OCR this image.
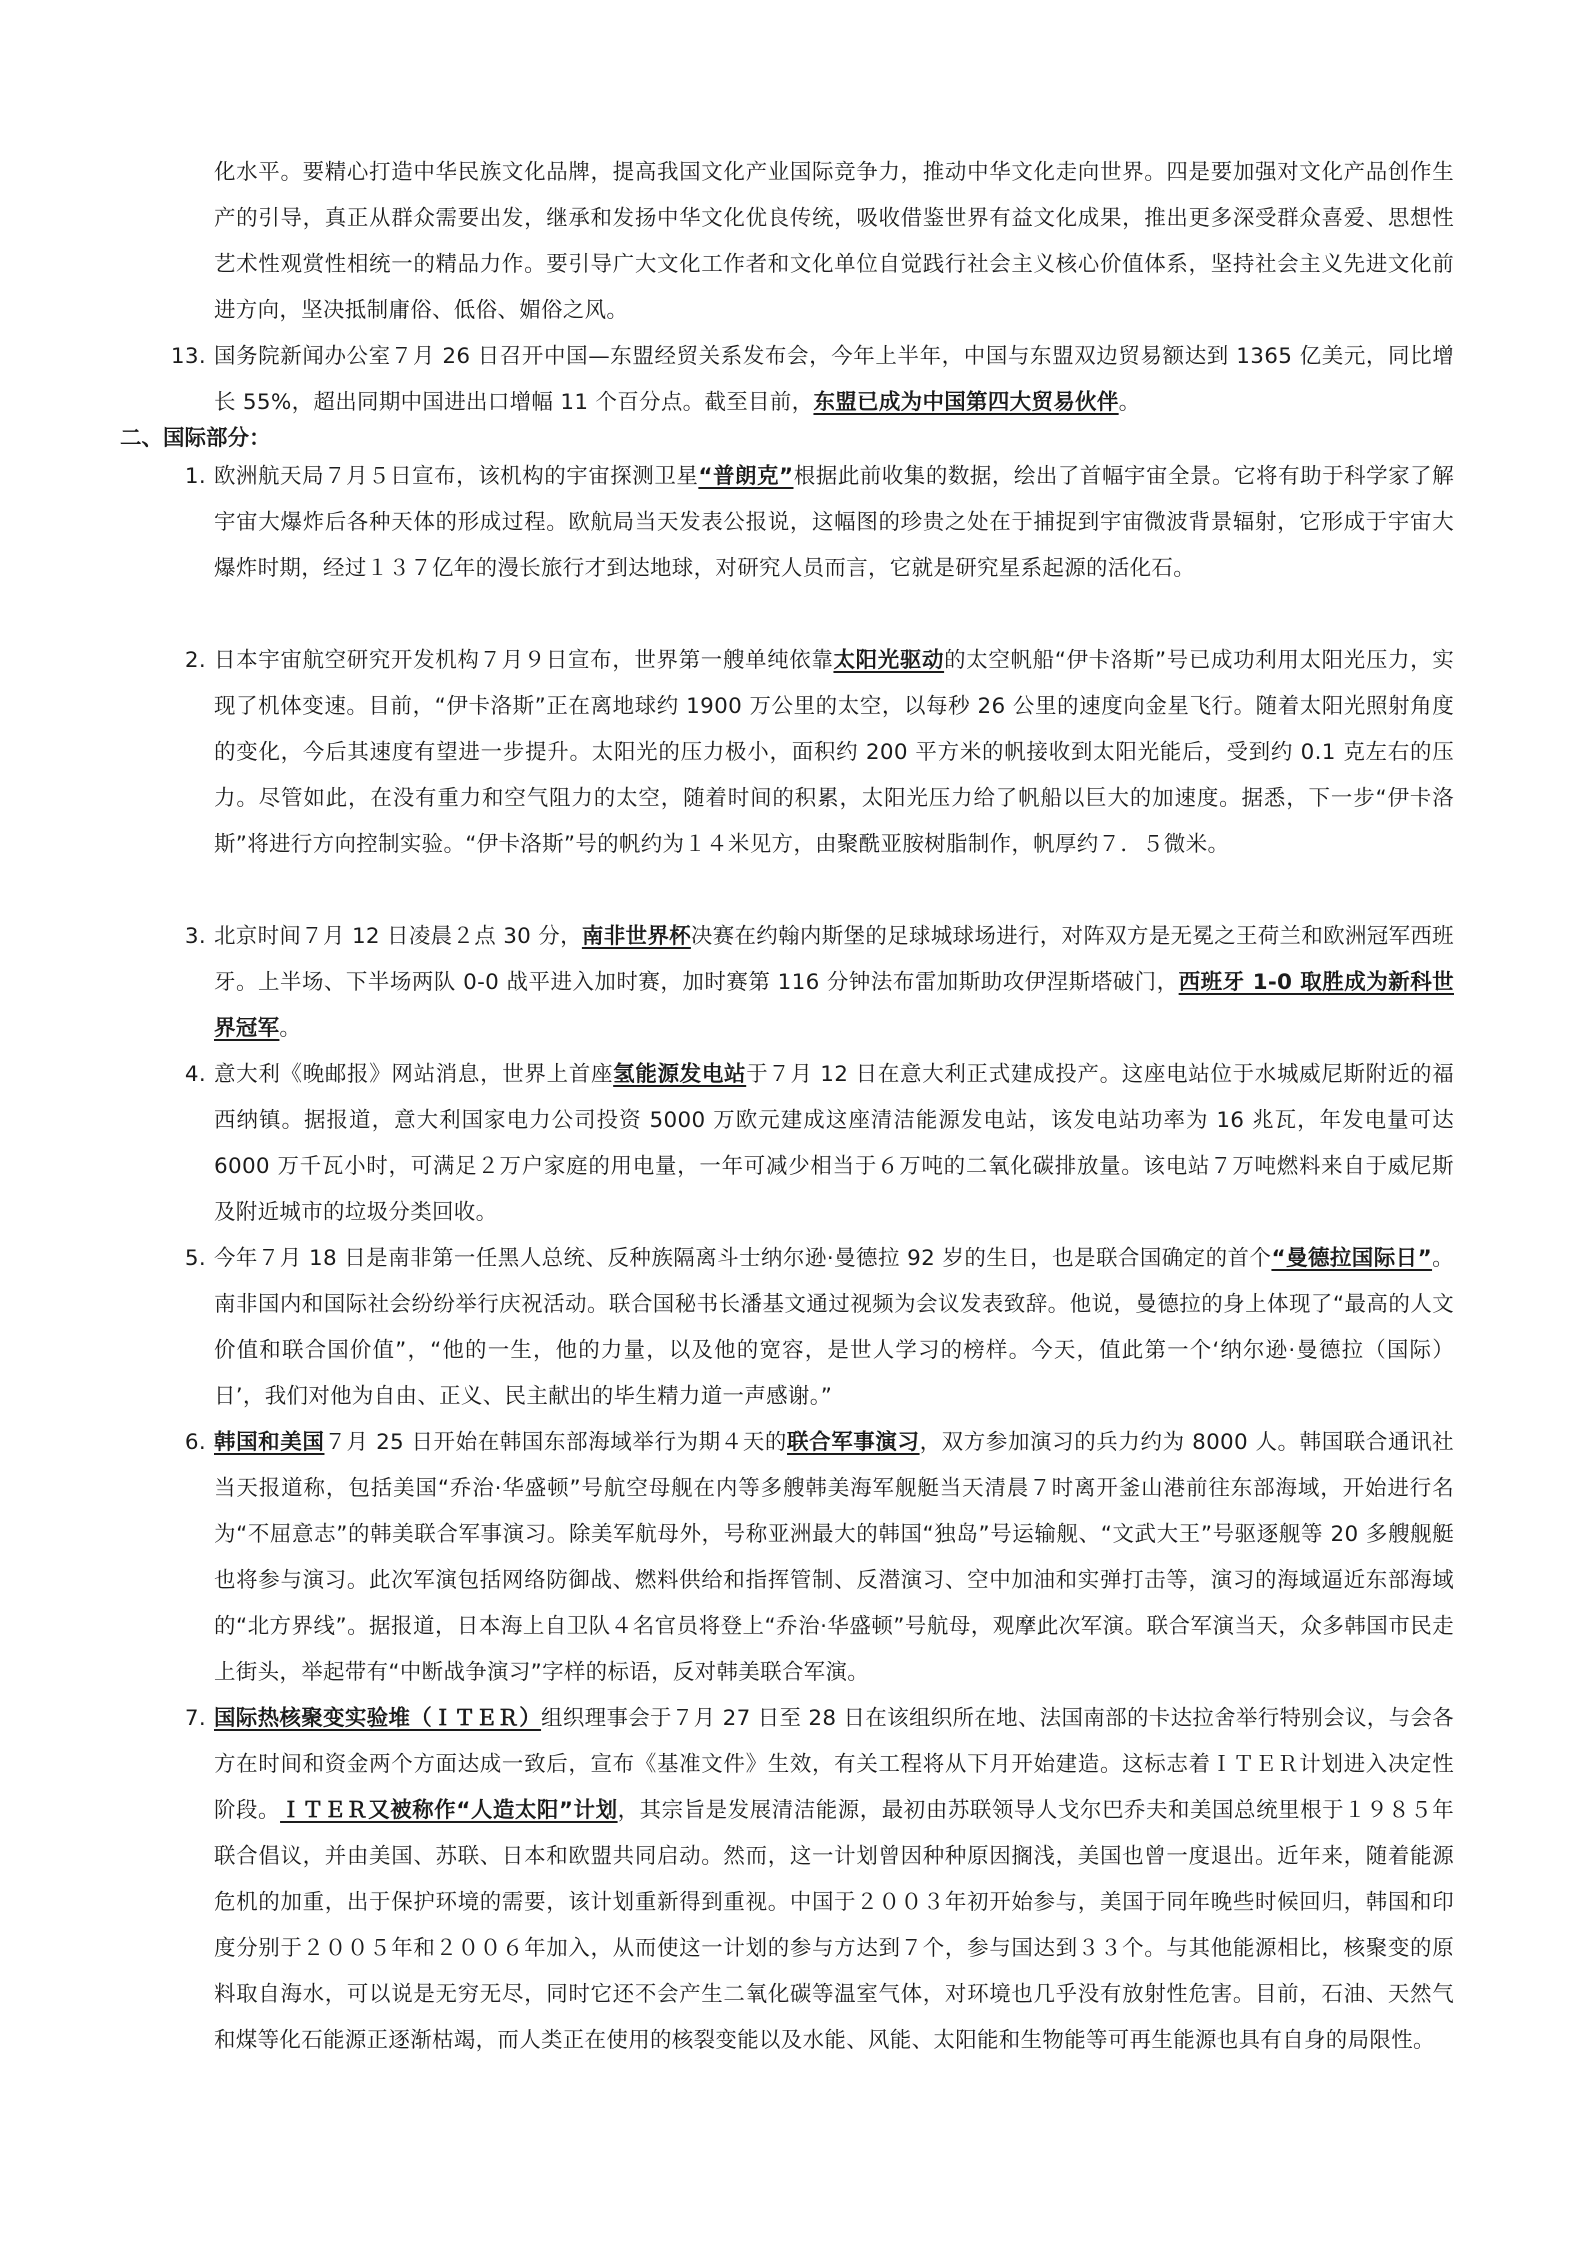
化水平。要精心打造中华民族文化品牌，提高我国文化产业国际竞争力，推动中华文化走向世界。四是要加强对文化产品创作生产的引导，真正从群众需要出发，继承和发扬中华文化优良传统，吸收借鉴世界有益文化成果，推出更多深受群众喜爱、思想性艺术性观赏性相统一的精品力作。要引导广大文化工作者和文化单位自觉践行社会主义核心价值体系，坚持社会主义先进文化前进方向，坚决抵制庸俗、低俗、媚俗之风。
13. 国务院新闻办公室７月 26 日召开中国—东盟经贸关系发布会，今年上半年，中国与东盟双边贸易额达到 1365 亿美元，同比增长 55%，超出同期中国进出口增幅 11 个百分点。截至目前，东盟已成为中国第四大贸易伙伴。
二、国际部分：
1. 欧洲航天局７月５日宣布，该机构的宇宙探测卫星“普朗克”根据此前收集的数据，绘出了首幅宇宙全景。它将有助于科学家了解宇宙大爆炸后各种天体的形成过程。欧航局当天发表公报说，这幅图的珍贵之处在于捕捉到宇宙微波背景辐射，它形成于宇宙大爆炸时期，经过１３７亿年的漫长旅行才到达地球，对研究人员而言，它就是研究星系起源的活化石。
2. 日本宇宙航空研究开发机构７月９日宣布，世界第一艘单纯依靠太阳光驱动的太空帆船“伊卡洛斯”号已成功利用太阳光压力，实现了机体变速。目前，“伊卡洛斯”正在离地球约 1900 万公里的太空，以每秒 26 公里的速度向金星飞行。随着太阳光照射角度的变化，今后其速度有望进一步提升。太阳光的压力极小，面积约 200 平方米的帆接收到太阳光能后，受到约 0.1 克左右的压力。尽管如此，在没有重力和空气阻力的太空，随着时间的积累，太阳光压力给了帆船以巨大的加速度。据悉，下一步“伊卡洛斯”将进行方向控制实验。“伊卡洛斯”号的帆约为１４米见方，由聚酰亚胺树脂制作，帆厚约７．５微米。
3. 北京时间７月 12 日凌晨２点 30 分，南非世界杯决赛在约翰内斯堡的足球城球场进行，对阵双方是无冕之王荷兰和欧洲冠军西班牙。上半场、下半场两队 0-0 战平进入加时赛，加时赛第 116 分钟法布雷加斯助攻伊涅斯塔破门，西班牙 1-0 取胜成为新科世界冠军。
4. 意大利《晚邮报》网站消息，世界上首座氢能源发电站于７月 12 日在意大利正式建成投产。这座电站位于水城威尼斯附近的福西纳镇。据报道，意大利国家电力公司投资 5000 万欧元建成这座清洁能源发电站，该发电站功率为 16 兆瓦，年发电量可达 6000 万千瓦小时，可满足２万户家庭的用电量，一年可减少相当于６万吨的二氧化碳排放量。该电站７万吨燃料来自于威尼斯及附近城市的垃圾分类回收。
5. 今年７月 18 日是南非第一任黑人总统、反种族隔离斗士纳尔逊·曼德拉 92 岁的生日，也是联合国确定的首个“曼德拉国际日”。南非国内和国际社会纷纷举行庆祝活动。联合国秘书长潘基文通过视频为会议发表致辞。他说，曼德拉的身上体现了“最高的人文价值和联合国价值”，“他的一生，他的力量，以及他的宽容，是世人学习的榜样。今天，值此第一个‘纳尔逊·曼德拉（国际）日’，我们对他为自由、正义、民主献出的毕生精力道一声感谢。”
6. 韩国和美国７月 25 日开始在韩国东部海域举行为期４天的联合军事演习，双方参加演习的兵力约为 8000 人。韩国联合通讯社当天报道称，包括美国“乔治·华盛顿”号航空母舰在内等多艘韩美海军舰艇当天清晨７时离开釜山港前往东部海域，开始进行名为“不屈意志”的韩美联合军事演习。除美军航母外，号称亚洲最大的韩国“独岛”号运输舰、“文武大王”号驱逐舰等 20 多艘舰艇也将参与演习。此次军演包括网络防御战、燃料供给和指挥管制、反潜演习、空中加油和实弹打击等，演习的海域逼近东部海域的“北方界线”。据报道，日本海上自卫队４名官员将登上“乔治·华盛顿”号航母，观摩此次军演。联合军演当天，众多韩国市民走上街头，举起带有“中断战争演习”字样的标语，反对韩美联合军演。
7. 国际热核聚变实验堆（ＩＴＥＲ）组织理事会于７月 27 日至 28 日在该组织所在地、法国南部的卡达拉舍举行特别会议，与会各方在时间和资金两个方面达成一致后，宣布《基准文件》生效，有关工程将从下月开始建造。这标志着ＩＴＥＲ计划进入决定性阶段。ＩＴＥＲ又被称作“人造太阳”计划，其宗旨是发展清洁能源，最初由苏联领导人戈尔巴乔夫和美国总统里根于１９８５年联合倡议，并由美国、苏联、日本和欧盟共同启动。然而，这一计划曾因种种原因搁浅，美国也曾一度退出。近年来，随着能源危机的加重，出于保护环境的需要，该计划重新得到重视。中国于２００３年初开始参与，美国于同年晚些时候回归，韩国和印度分别于２００５年和２００６年加入，从而使这一计划的参与方达到７个，参与国达到３３个。与其他能源相比，核聚变的原料取自海水，可以说是无穷无尽，同时它还不会产生二氧化碳等温室气体，对环境也几乎没有放射性危害。目前，石油、天然气和煤等化石能源正逐渐枯竭，而人类正在使用的核裂变能以及水能、风能、太阳能和生物能等可再生能源也具有自身的局限性。
